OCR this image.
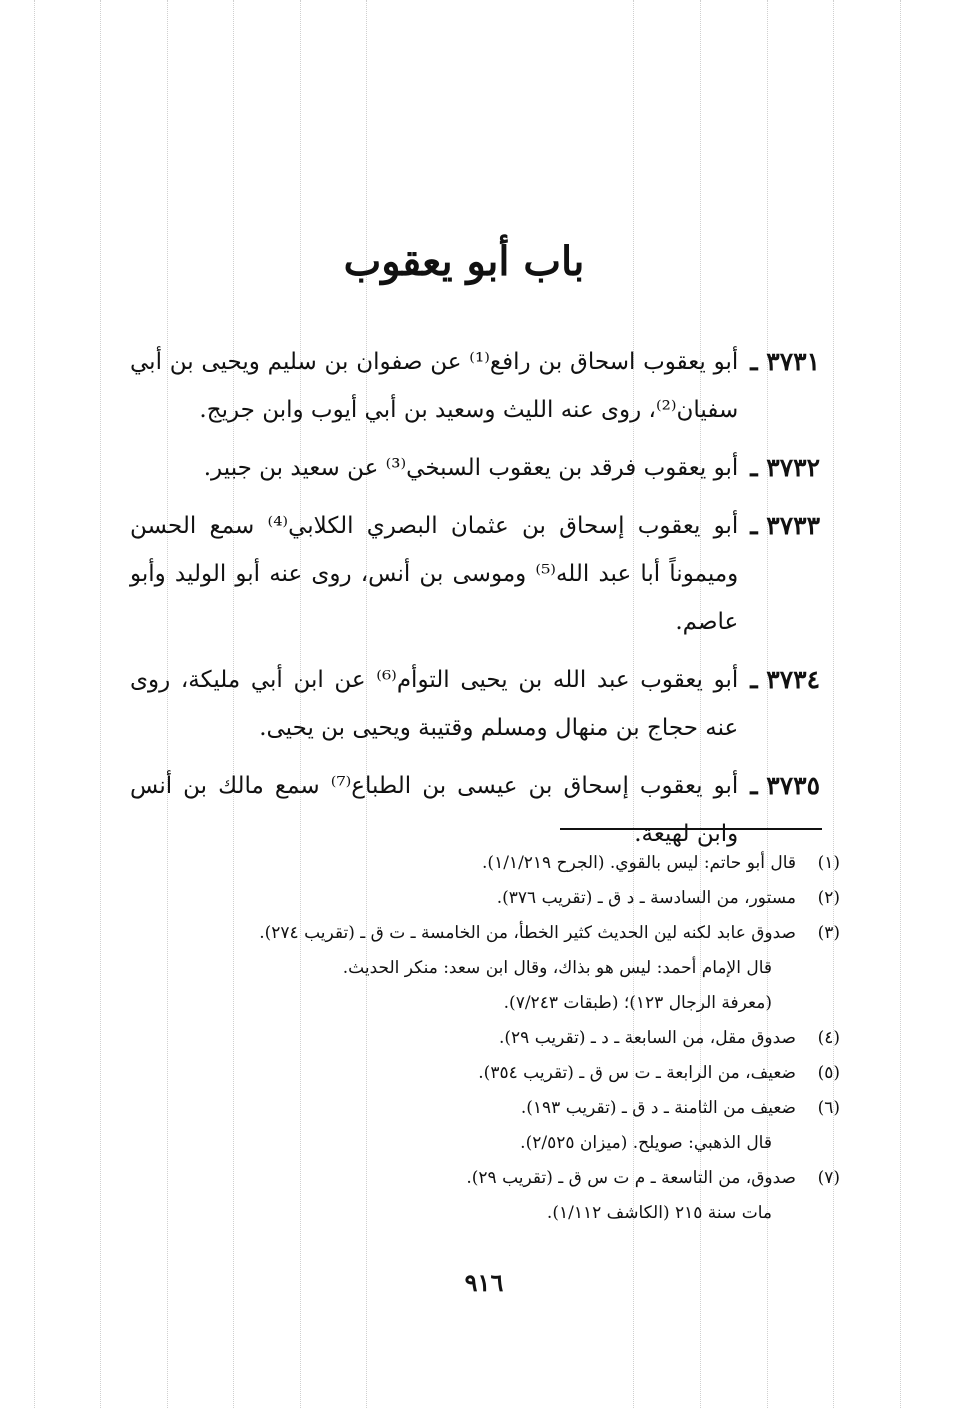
باب أبو يعقوب
٣٧٣١ ـ
أبو يعقوب اسحاق بن رافع⁽¹⁾ عن صفوان بن سليم ويحيى بن أبي سفيان⁽²⁾، روى عنه الليث وسعيد بن أبي أيوب وابن جريج.
٣٧٣٢ ـ
أبو يعقوب فرقد بن يعقوب السبخي⁽³⁾ عن سعيد بن جبير.
٣٧٣٣ ـ
أبو يعقوب إسحاق بن عثمان البصري الكلابي⁽⁴⁾ سمع الحسن وميموناً أبا عبد الله⁽⁵⁾ وموسى بن أنس، روى عنه أبو الوليد وأبو عاصم.
٣٧٣٤ ـ
أبو يعقوب عبد الله بن يحيى التوأم⁽⁶⁾ عن ابن أبي مليكة، روى عنه حجاج بن منهال ومسلم وقتيبة ويحيى بن يحيى.
٣٧٣٥ ـ
أبو يعقوب إسحاق بن عيسى بن الطباع⁽⁷⁾ سمع مالك بن أنس وابن لهيعة.
(١)
قال أبو حاتم: ليس بالقوي. (الجرح ١/١/٢١٩).
(٢)
مستور، من السادسة ـ د ق ـ (تقريب ٣٧٦).
(٣)
صدوق عابد لكنه لين الحديث كثير الخطأ، من الخامسة ـ ت ق ـ (تقريب ٢٧٤).
قال الإمام أحمد: ليس هو بذاك، وقال ابن سعد: منكر الحديث.
(معرفة الرجال ١٢٣)؛ (طبقات ٧/٢٤٣).
(٤)
صدوق مقل، من السابعة ـ د ـ (تقريب ٢٩).
(٥)
ضعيف، من الرابعة ـ ت س ق ـ (تقريب ٣٥٤).
(٦)
ضعيف من الثامنة ـ د ق ـ (تقريب ١٩٣).
قال الذهبي: صويلح. (ميزان ٢/٥٢٥).
(٧)
صدوق، من التاسعة ـ م ت س ق ـ (تقريب ٢٩).
مات سنة ٢١٥ (الكاشف ١/١١٢).
٩١٦
